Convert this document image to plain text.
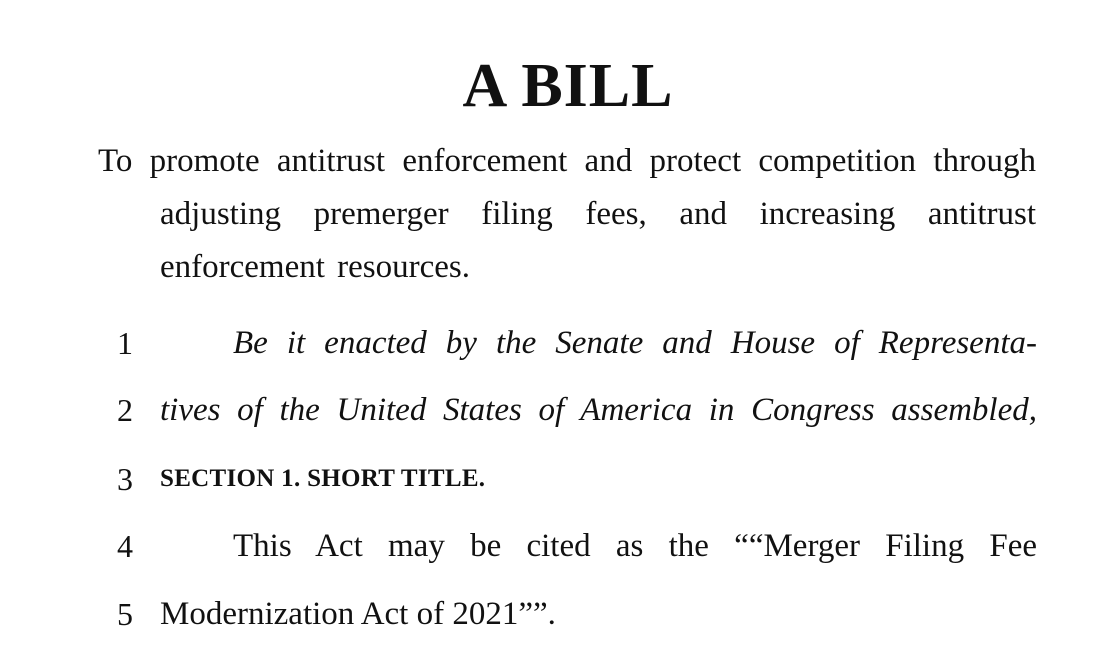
A BILL
To promote antitrust enforcement and protect competition through adjusting premerger filing fees, and increasing antitrust enforcement resources.
1	Be it enacted by the Senate and House of Representa-
2 tives of the United States of America in Congress assembled,
3	SECTION 1. SHORT TITLE.
4	This Act may be cited as the ““Merger Filing Fee
5 Modernization Act of 2021””.
